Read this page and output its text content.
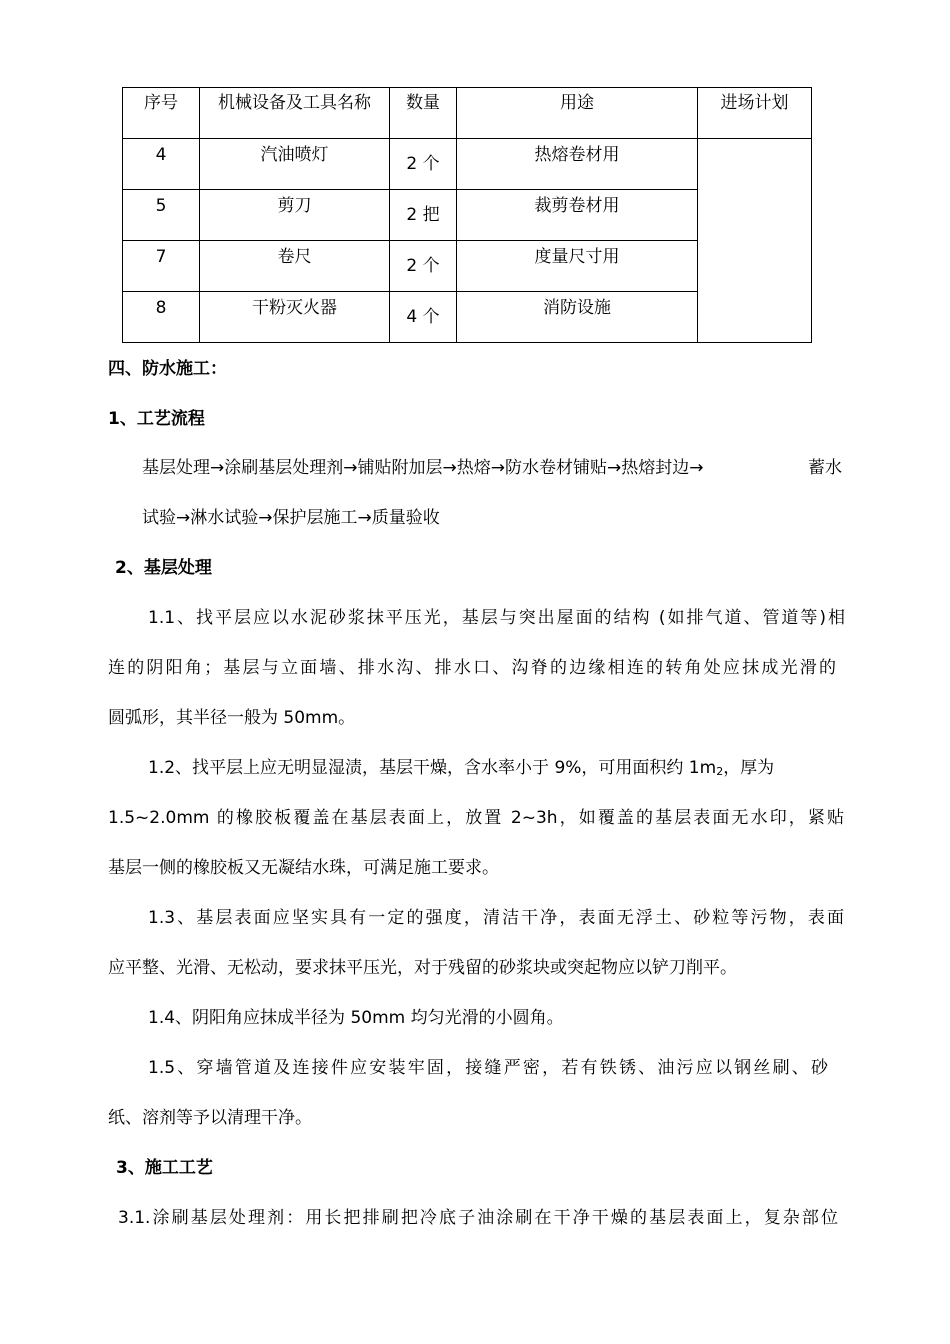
序号	机械设备及工具名称	数量	用途	进场计划
4	汽油喷灯	2 个	热熔卷材用	
5	剪刀	2 把	裁剪卷材用	
7	卷尺	2 个	度量尺寸用	
8	干粉灭火器	4 个	消防设施	

四、防水施工：

1、工艺流程

基层处理→涂刷基层处理剂→铺贴附加层→热熔→防水卷材铺贴→热熔封边→	蓄水

试验→淋水试验→保护层施工→质量验收

2、基层处理

1.1、找平层应以水泥砂浆抹平压光，基层与突出屋面的结构 (如排气道、管道等)相

连的阴阳角；基层与立面墙、排水沟、排水口、沟脊的边缘相连的转角处应抹成光滑的

圆弧形，其半径一般为 50mm。

1.2、找平层上应无明显湿渍，基层干燥，含水率小于 9%，可用面积约 $1m_2$，厚为

1.5~2.0mm 的橡胶板覆盖在基层表面上，放置 2~3h，如覆盖的基层表面无水印，紧贴

基层一侧的橡胶板又无凝结水珠，可满足施工要求。

1.3、基层表面应坚实具有一定的强度，清洁干净，表面无浮土、砂粒等污物，表面

应平整、光滑、无松动，要求抹平压光，对于残留的砂浆块或突起物应以铲刀削平。

1.4、阴阳角应抹成半径为 50mm 均匀光滑的小圆角。

1.5、穿墙管道及连接件应安装牢固，接缝严密，若有铁锈、油污应以钢丝刷、砂

纸、溶剂等予以清理干净。

3、施工工艺

3.1.涂刷基层处理剂：用长把排刷把冷底子油涂刷在干净干燥的基层表面上，复杂部位
